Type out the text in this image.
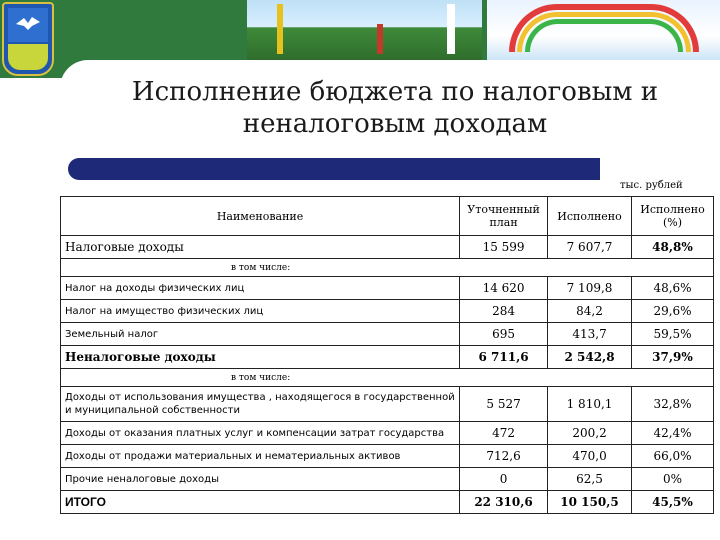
Исполнение бюджета по налоговым и неналоговым доходам
тыс. рублей
Наименование	Уточненный план	Исполнено	Исполнено (%)
Налоговые доходы	15 599	7 607,7	48,8%
в том числе:			
Налог на доходы физических лиц	14 620	7 109,8	48,6%
Налог на имущество физических лиц	284	84,2	29,6%
Земельный налог	695	413,7	59,5%
Неналоговые доходы	6 711,6	2 542,8	37,9%
в том числе:			
Доходы от использования имущества , находящегося в государственной и муниципальной собственности	5 527	1 810,1	32,8%
Доходы от оказания платных услуг и компенсации затрат государства	472	200,2	42,4%
Доходы от продажи материальных и нематериальных активов	712,6	470,0	66,0%
Прочие неналоговые доходы	0	62,5	0%
ИТОГО	22 310,6	10 150,5	45,5%
